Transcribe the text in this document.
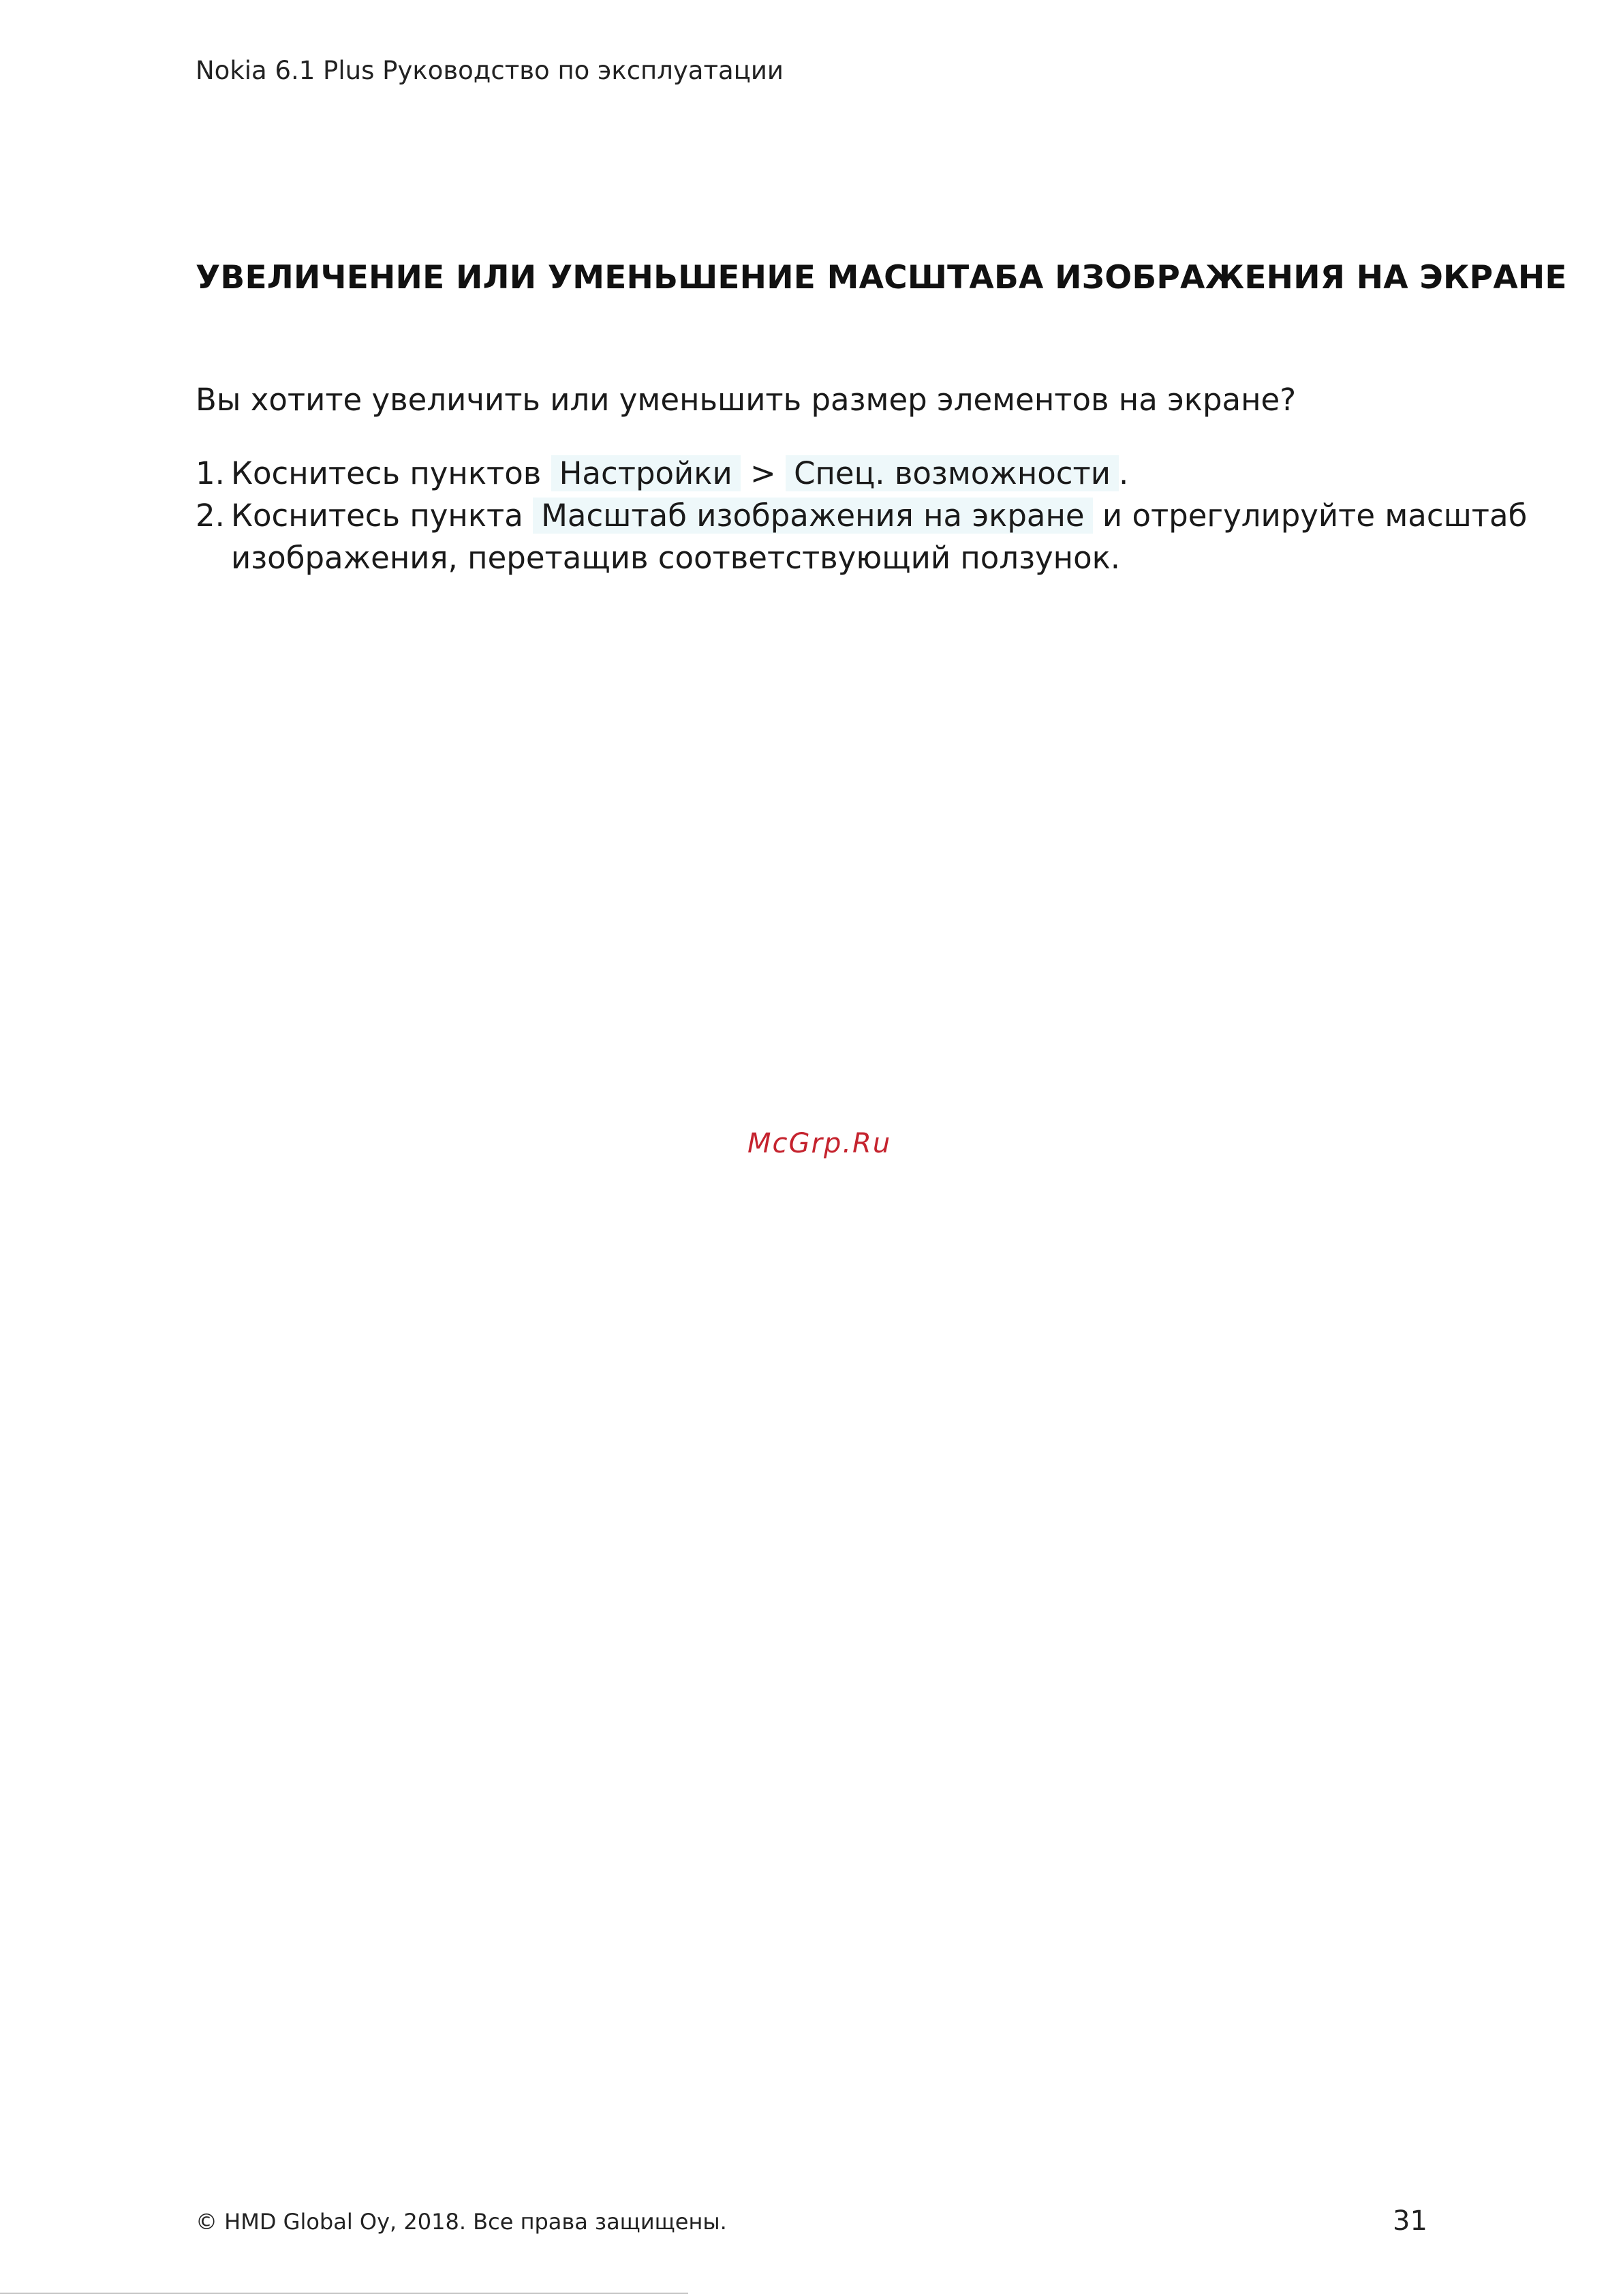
Nokia 6.1 Plus Руководство по эксплуатации
УВЕЛИЧЕНИЕ ИЛИ УМЕНЬШЕНИЕ МАСШТАБА ИЗОБРАЖЕНИЯ НА ЭКРАНЕ

Вы хотите увеличить или уменьшить размер элементов на экране?

1. Коснитесь пунктов Настройки > Спец. возможности .
2. Коснитесь пункта Масштаб изображения на экране и отрегулируйте масштаб
изображения, перетащив соответствующий ползунок.
McGrp.Ru
© HMD Global Oy, 2018. Все права защищены.	31
